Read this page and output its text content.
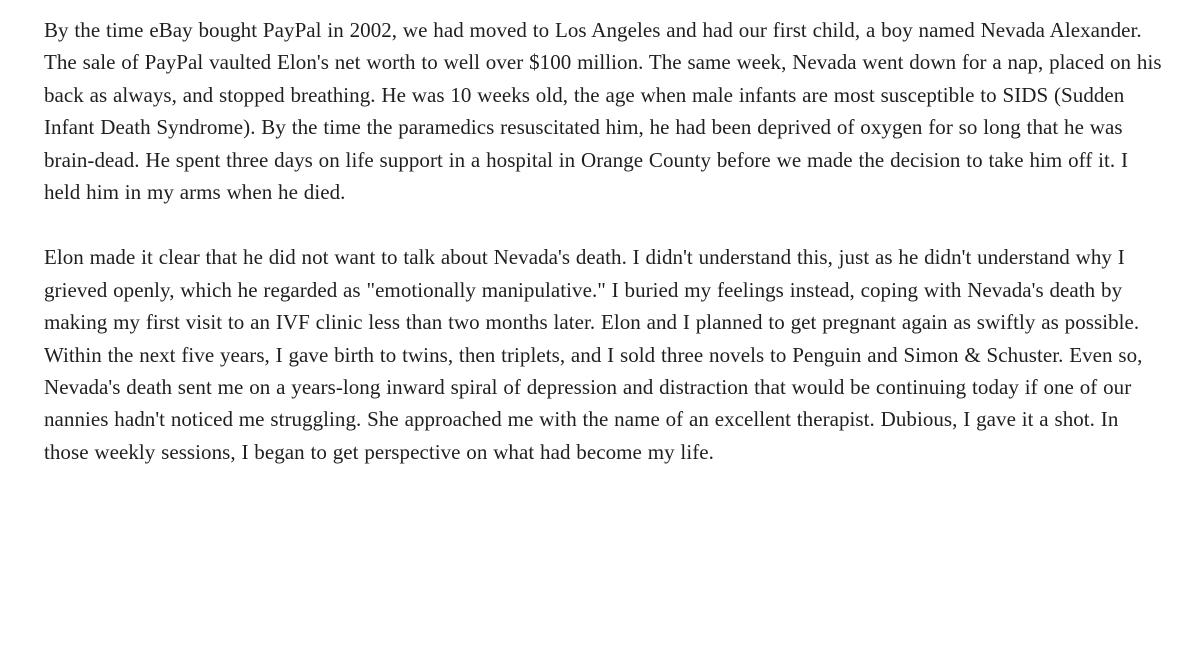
By the time eBay bought PayPal in 2002, we had moved to Los Angeles and had our first child, a boy named Nevada Alexander. The sale of PayPal vaulted Elon's net worth to well over $100 million. The same week, Nevada went down for a nap, placed on his back as always, and stopped breathing. He was 10 weeks old, the age when male infants are most susceptible to SIDS (Sudden Infant Death Syndrome). By the time the paramedics resuscitated him, he had been deprived of oxygen for so long that he was brain-dead. He spent three days on life support in a hospital in Orange County before we made the decision to take him off it. I held him in my arms when he died.

Elon made it clear that he did not want to talk about Nevada's death. I didn't understand this, just as he didn't understand why I grieved openly, which he regarded as "emotionally manipulative." I buried my feelings instead, coping with Nevada's death by making my first visit to an IVF clinic less than two months later. Elon and I planned to get pregnant again as swiftly as possible. Within the next five years, I gave birth to twins, then triplets, and I sold three novels to Penguin and Simon & Schuster. Even so, Nevada's death sent me on a years-long inward spiral of depression and distraction that would be continuing today if one of our nannies hadn't noticed me struggling. She approached me with the name of an excellent therapist. Dubious, I gave it a shot. In those weekly sessions, I began to get perspective on what had become my life.
